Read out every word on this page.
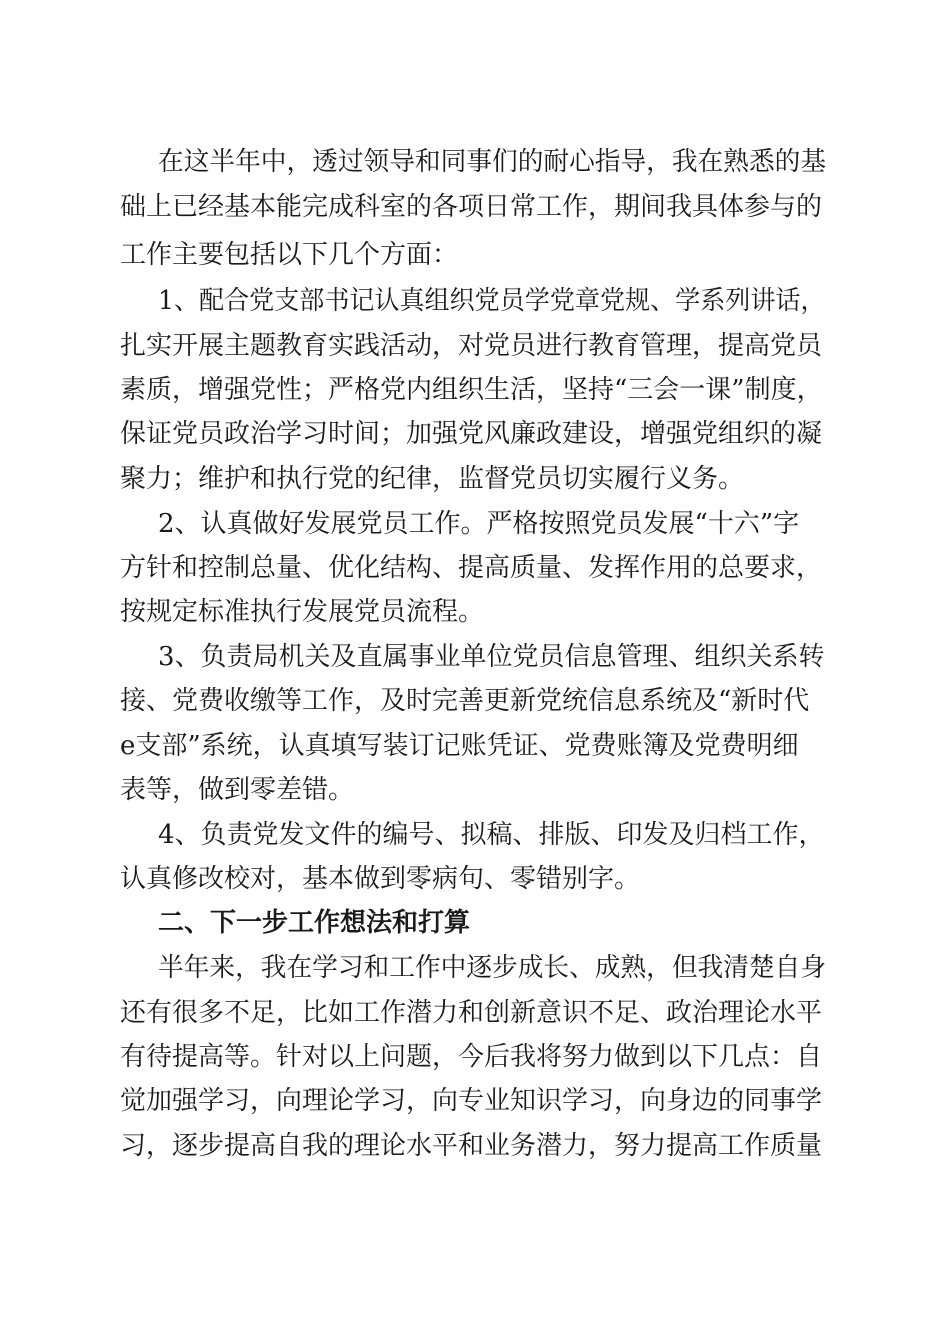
在这半年中，透过领导和同事们的耐心指导，我在熟悉的基
础上已经基本能完成科室的各项日常工作，期间我具体参与的
工作主要包括以下几个方面：
1、配合党支部书记认真组织党员学党章党规、学系列讲话，
扎实开展主题教育实践活动，对党员进行教育管理，提高党员
素质，增强党性；严格党内组织生活，坚持“三会一课”制度，
保证党员政治学习时间；加强党风廉政建设，增强党组织的凝
聚力；维护和执行党的纪律，监督党员切实履行义务。
2、认真做好发展党员工作。严格按照党员发展“十六”字
方针和控制总量、优化结构、提高质量、发挥作用的总要求，
按规定标准执行发展党员流程。
3、负责局机关及直属事业单位党员信息管理、组织关系转
接、党费收缴等工作，及时完善更新党统信息系统及“新时代
e支部”系统，认真填写装订记账凭证、党费账簿及党费明细
表等，做到零差错。
4、负责党发文件的编号、拟稿、排版、印发及归档工作，
认真修改校对，基本做到零病句、零错别字。
二、下一步工作想法和打算
半年来，我在学习和工作中逐步成长、成熟，但我清楚自身
还有很多不足，比如工作潜力和创新意识不足、政治理论水平
有待提高等。针对以上问题，今后我将努力做到以下几点：自
觉加强学习，向理论学习，向专业知识学习，向身边的同事学
习，逐步提高自我的理论水平和业务潜力，努力提高工作质量
